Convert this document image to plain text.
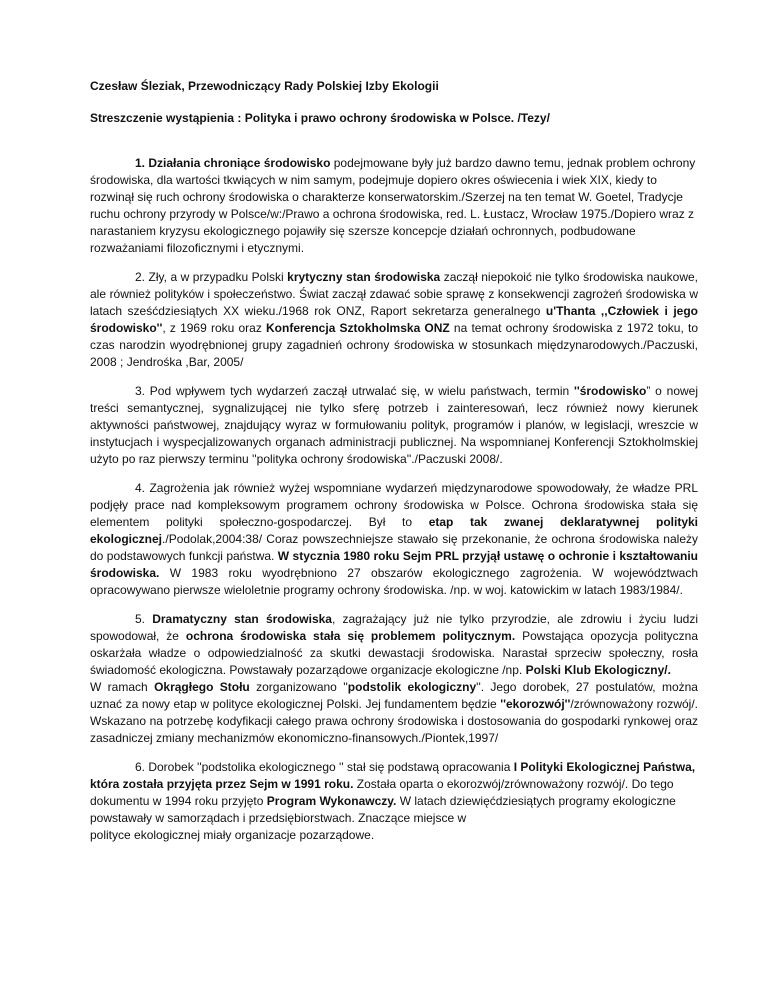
Czesław Śleziak, Przewodniczący Rady Polskiej Izby Ekologii

Streszczenie wystąpienia : Polityka i prawo ochrony środowiska w Polsce. /Tezy/

1. Działania chroniące środowisko podejmowane były już bardzo dawno temu, jednak problem ochrony środowiska, dla wartości tkwiących w nim samym, podejmuje dopiero okres oświecenia i wiek XIX, kiedy to rozwinął się ruch ochrony środowiska o charakterze konserwatorskim./Szerzej na ten temat W. Goetel, Tradycje ruchu ochrony przyrody w Polsce/w:/Prawo a ochrona środowiska, red. L. Łustacz, Wrocław 1975./Dopiero wraz z narastaniem kryzysu ekologicznego pojawiły się szersze koncepcje działań ochronnych, podbudowane rozważaniami filozoficznymi i etycznymi.

2. Zły, a w przypadku Polski krytyczny stan środowiska zaczął niepokoić nie tylko środowiska naukowe, ale również polityków i społeczeństwo. Świat zaczął zdawać sobie sprawę z konsekwencji zagrożeń środowiska w latach sześćdziesiątych XX wieku./1968 rok ONZ, Raport sekretarza generalnego u'Thanta ,,Człowiek i jego środowisko'', z 1969 roku oraz Konferencja Sztokholmska ONZ na temat ochrony środowiska z 1972 toku, to czas narodzin wyodrębnionej grupy zagadnień ochrony środowiska w stosunkach międzynarodowych./Paczuski, 2008 ; Jendrośka ,Bar, 2005/

3. Pod wpływem tych wydarzeń zaczął utrwalać się, w wielu państwach, termin ''środowisko” o nowej treści semantycznej, sygnalizującej nie tylko sferę potrzeb i zainteresowań, lecz również nowy kierunek aktywności państwowej, znajdujący wyraz w formułowaniu polityk, programów i planów, w legislacji, wreszcie w instytucjach i wyspecjalizowanych organach administracji publicznej. Na wspomnianej Konferencji Sztokholmskiej użyto po raz pierwszy terminu ''polityka ochrony środowiska''./Paczuski 2008/.

4. Zagrożenia jak również wyżej wspomniane wydarzeń międzynarodowe spowodowały, że władze PRL podjęły prace nad kompleksowym programem ochrony środowiska w Polsce. Ochrona środowiska stała się elementem polityki społeczno-gospodarczej. Był to etap tak zwanej deklaratywnej polityki ekologicznej./Podolak,2004:38/ Coraz powszechniejsze stawało się przekonanie, że ochrona środowiska należy do podstawowych funkcji państwa. W stycznia 1980 roku Sejm PRL przyjął ustawę o ochronie i kształtowaniu środowiska. W 1983 roku wyodrębniono 27 obszarów ekologicznego zagrożenia. W województwach opracowywano pierwsze wieloletnie programy ochrony środowiska. /np. w woj. katowickim w latach 1983/1984/.

5. Dramatyczny stan środowiska, zagrażający już nie tylko przyrodzie, ale zdrowiu i życiu ludzi spowodował, że ochrona środowiska stała się problemem politycznym. Powstająca opozycja polityczna oskarżała władze o odpowiedzialność za skutki dewastacji środowiska. Narastał sprzeciw społeczny, rosła świadomość ekologiczna. Powstawały pozarządowe organizacje ekologiczne /np. Polski Klub Ekologiczny/.

W ramach Okrągłego Stołu zorganizowano ''podstolik ekologiczny''. Jego dorobek, 27 postulatów, można uznać za nowy etap w polityce ekologicznej Polski. Jej fundamentem będzie ''ekorozwój''/zrównoważony rozwój/. Wskazano na potrzebę kodyfikacji całego prawa ochrony środowiska i dostosowania do gospodarki rynkowej oraz zasadniczej zmiany mechanizmów ekonomiczno-finansowych./Piontek,1997/

6. Dorobek ''podstolika ekologicznego '' stał się podstawą opracowania I Polityki Ekologicznej Państwa, która została przyjęta przez Sejm w 1991 roku. Została oparta o ekorozwój/zrównoważony rozwój/. Do tego dokumentu w 1994 roku przyjęto Program Wykonawczy. W latach dziewięćdziesiątych programy ekologiczne powstawały w samorządach i przedsiębiorstwach. Znaczące miejsce w
polityce ekologicznej miały organizacje pozarządowe.
